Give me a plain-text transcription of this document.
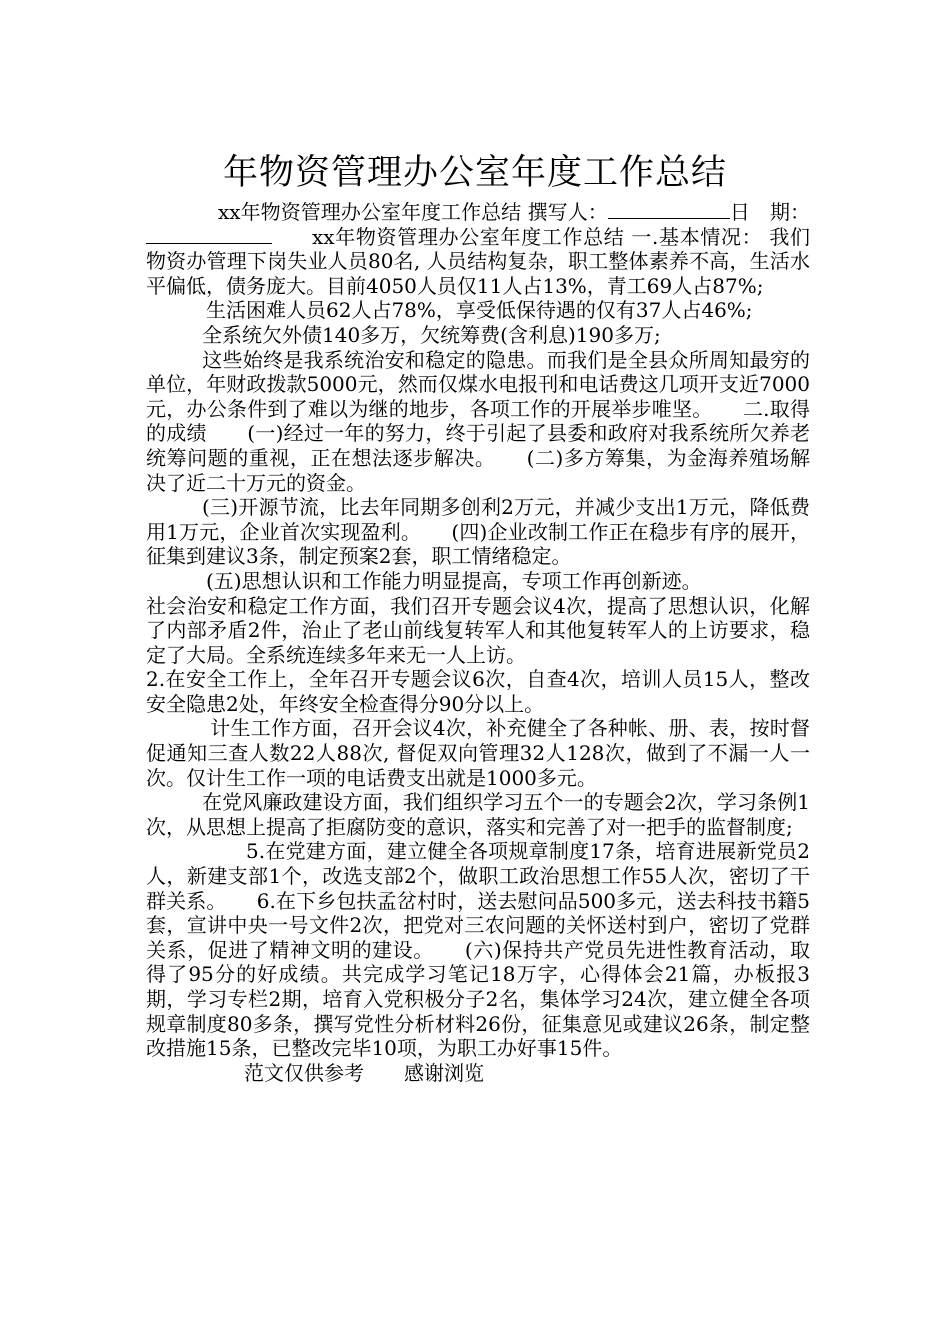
年物资管理办公室年度工作总结

xx年物资管理办公室年度工作总结 撰写人：	日　期：xx年物资管理办公室年度工作总结 一.基本情况： 我们物资办管理下岗失业人员80名, 人员结构复杂，职工整体素养不高，生活水平偏低，债务庞大。目前4050人员仅11人占13%，青工69人占87%;

生活困难人员62人占78%，享受低保待遇的仅有37人占46%;

全系统欠外债140多万，欠统筹费(含利息)190多万;

这些始终是我系统治安和稳定的隐患。而我们是全县众所周知最穷的单位，年财政拨款5000元，然而仅煤水电报刊和电话费这几项开支近7000元，办公条件到了难以为继的地步，各项工作的开展举步唯坚。　　二.取得的成绩　　(一)经过一年的努力，终于引起了县委和政府对我系统所欠养老统筹问题的重视，正在想法逐步解决。　　(二)多方筹集，为金海养殖场解决了近二十万元的资金。

(三)开源节流，比去年同期多创利2万元，并减少支出1万元，降低费用1万元，企业首次实现盈利。　　(四)企业改制工作正在稳步有序的展开，征集到建议3条，制定预案2套，职工情绪稳定。

(五)思想认识和工作能力明显提高，专项工作再创新迹。

社会治安和稳定工作方面，我们召开专题会议4次，提高了思想认识，化解了内部矛盾2件，治止了老山前线复转军人和其他复转军人的上访要求，稳定了大局。全系统连续多年来无一人上访。

2.在安全工作上，全年召开专题会议6次，自查4次，培训人员15人，整改安全隐患2处，年终安全检查得分90分以上。

计生工作方面，召开会议4次，补充健全了各种帐、册、表，按时督促通知三查人数22人88次, 督促双向管理32人128次，做到了不漏一人一次。仅计生工作一项的电话费支出就是1000多元。

在党风廉政建设方面，我们组织学习五个一的专题会2次，学习条例1次，从思想上提高了拒腐防变的意识，落实和完善了对一把手的监督制度;

5.在党建方面，建立健全各项规章制度17条，培育进展新党员2人，新建支部1个，改选支部2个，做职工政治思想工作55人次，密切了干群关系。　　6.在下乡包扶孟岔村时，送去慰问品500多元，送去科技书籍5套，宣讲中央一号文件2次，把党对三农问题的关怀送村到户，密切了党群关系，促进了精神文明的建设。　　(六)保持共产党员先进性教育活动，取得了95分的好成绩。共完成学习笔记18万字，心得体会21篇，办板报3期，学习专栏2期，培育入党积极分子2名，集体学习24次，建立健全各项规章制度80多条，撰写党性分析材料26份，征集意见或建议26条，制定整改措施15条，已整改完毕10项，为职工办好事15件。

范文仅供参考　　感谢浏览
